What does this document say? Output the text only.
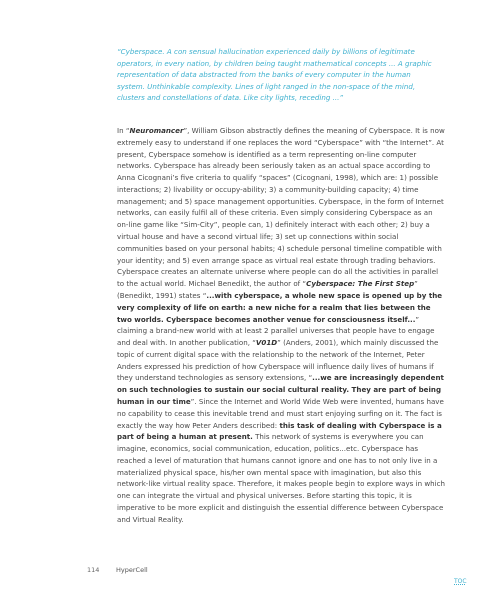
“Cyberspace. A con sensual hallucination experienced daily by billions of legitimate operators, in every nation, by children being taught mathematical concepts ... A graphic representation of data abstracted from the banks of every computer in the human system. Unthinkable complexity. Lines of light ranged in the non-space of the mind, clusters and constellations of data. Like city lights, receding ...”

In “Neuromancer”, William Gibson abstractly defines the meaning of Cyberspace. It is now extremely easy to understand if one replaces the word “Cyberspace” with “the Internet”. At present, Cyberspace somehow is identified as a term representing on-line computer networks. Cyberspace has already been seriously taken as an actual space according to Anna Cicognani’s five criteria to qualify “spaces” (Cicognani, 1998), which are: 1) possible interactions; 2) livability or occupy-ability; 3) a community-building capacity; 4) time management; and 5) space management opportunities. Cyberspace, in the form of Internet networks, can easily fulfil all of these criteria. Even simply considering Cyberspace as an on-line game like “Sim-City”, people can, 1) definitely interact with each other; 2) buy a virtual house and have a second virtual life; 3) set up connections within social communities based on your personal habits; 4) schedule personal timeline compatible with your identity; and 5) even arrange space as virtual real estate through trading behaviors. Cyberspace creates an alternate universe where people can do all the activities in parallel to the actual world. Michael Benedikt, the author of “Cyberspace: The First Step” (Benedikt, 1991) states “...with cyberspace, a whole new space is opened up by the very complexity of life on earth: a new niche for a realm that lies between the two worlds. Cyberspace becomes another venue for consciousness itself...” claiming a brand-new world with at least 2 parallel universes that people have to engage and deal with. In another publication, “V01D” (Anders, 2001), which mainly discussed the topic of current digital space with the relationship to the network of the Internet, Peter Anders expressed his prediction of how Cyberspace will influence daily lives of humans if they understand technologies as sensory extensions, “...we are increasingly dependent on such technologies to sustain our social cultural reality. They are part of being human in our time”. Since the Internet and World Wide Web were invented, humans have no capability to cease this inevitable trend and must start enjoying surfing on it. The fact is exactly the way how Peter Anders described: this task of dealing with Cyberspace is a part of being a human at present. This network of systems is everywhere you can imagine, economics, social communication, education, politics...etc. Cyberspace has reached a level of maturation that humans cannot ignore and one has to not only live in a materialized physical space, his/her own mental space with imagination, but also this network-like virtual reality space. Therefore, it makes people begin to explore ways in which one can integrate the virtual and physical universes. Before starting this topic, it is imperative to be more explicit and distinguish the essential difference between Cyberspace and Virtual Reality.

114	HyperCell
TOC
